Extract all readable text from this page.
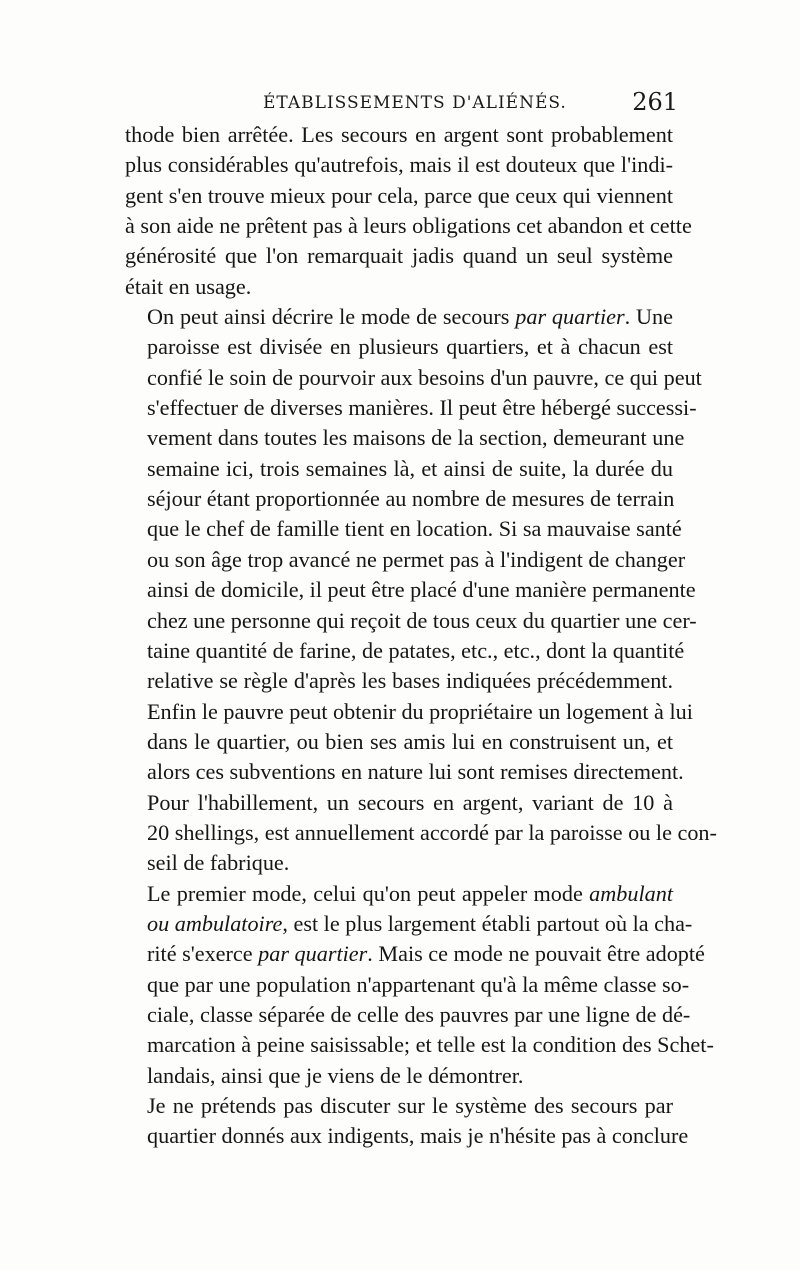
ÉTABLISSEMENTS D'ALIÉNÉS.	261
thode bien arrêtée. Les secours en argent sont probablement
plus considérables qu'autrefois, mais il est douteux que l'indi-
gent s'en trouve mieux pour cela, parce que ceux qui viennent
à son aide ne prêtent pas à leurs obligations cet abandon et cette
générosité que l'on remarquait jadis quand un seul système
était en usage.
On peut ainsi décrire le mode de secours par quartier. Une
paroisse est divisée en plusieurs quartiers, et à chacun est
confié le soin de pourvoir aux besoins d'un pauvre, ce qui peut
s'effectuer de diverses manières. Il peut être hébergé successi-
vement dans toutes les maisons de la section, demeurant une
semaine ici, trois semaines là, et ainsi de suite, la durée du
séjour étant proportionnée au nombre de mesures de terrain
que le chef de famille tient en location. Si sa mauvaise santé
ou son âge trop avancé ne permet pas à l'indigent de changer
ainsi de domicile, il peut être placé d'une manière permanente
chez une personne qui reçoit de tous ceux du quartier une cer-
taine quantité de farine, de patates, etc., etc., dont la quantité
relative se règle d'après les bases indiquées précédemment.
Enfin le pauvre peut obtenir du propriétaire un logement à lui
dans le quartier, ou bien ses amis lui en construisent un, et
alors ces subventions en nature lui sont remises directement.
Pour l'habillement, un secours en argent, variant de 10 à
20 shellings, est annuellement accordé par la paroisse ou le con-
seil de fabrique.
Le premier mode, celui qu'on peut appeler mode ambulant
ou ambulatoire, est le plus largement établi partout où la cha-
rité s'exerce par quartier. Mais ce mode ne pouvait être adopté
que par une population n'appartenant qu'à la même classe so-
ciale, classe séparée de celle des pauvres par une ligne de dé-
marcation à peine saisissable; et telle est la condition des Schet-
landais, ainsi que je viens de le démontrer.
Je ne prétends pas discuter sur le système des secours par
quartier donnés aux indigents, mais je n'hésite pas à conclure
